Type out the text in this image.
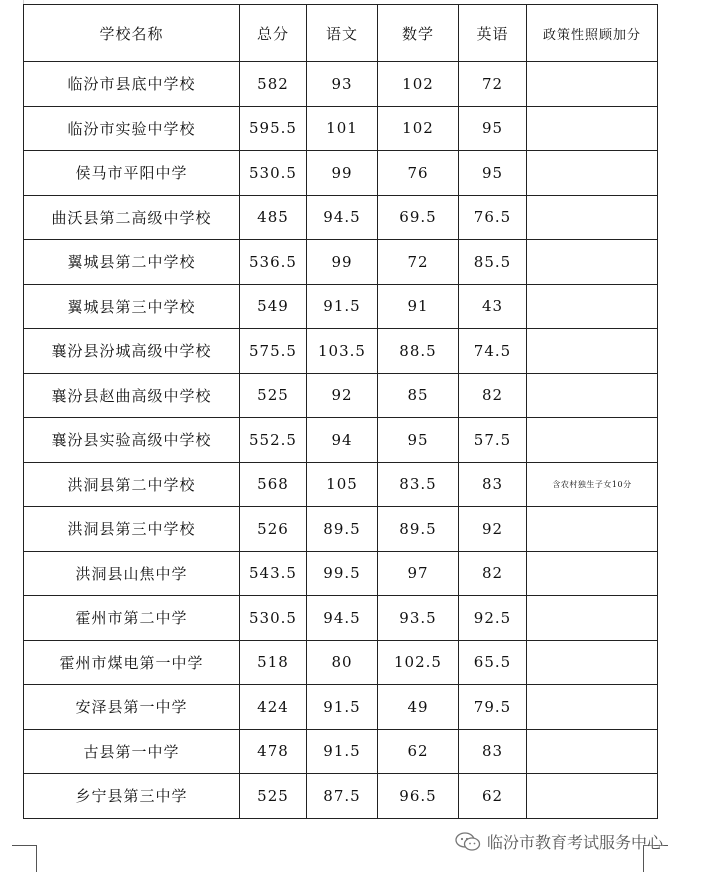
学校名称	总分	语文	数学	英语	政策性照顾加分
临汾市县底中学校	582	93	102	72	
临汾市实验中学校	595.5	101	102	95	
侯马市平阳中学	530.5	99	76	95	
曲沃县第二高级中学校	485	94.5	69.5	76.5	
翼城县第二中学校	536.5	99	72	85.5	
翼城县第三中学校	549	91.5	91	43	
襄汾县汾城高级中学校	575.5	103.5	88.5	74.5	
襄汾县赵曲高级中学校	525	92	85	82	
襄汾县实验高级中学校	552.5	94	95	57.5	
洪洞县第二中学校	568	105	83.5	83	含农村独生子女10分
洪洞县第三中学校	526	89.5	89.5	92	
洪洞县山焦中学	543.5	99.5	97	82	
霍州市第二中学	530.5	94.5	93.5	92.5	
霍州市煤电第一中学	518	80	102.5	65.5	
安泽县第一中学	424	91.5	49	79.5	
古县第一中学	478	91.5	62	83	
乡宁县第三中学	525	87.5	96.5	62	
临汾市教育考试服务中心
